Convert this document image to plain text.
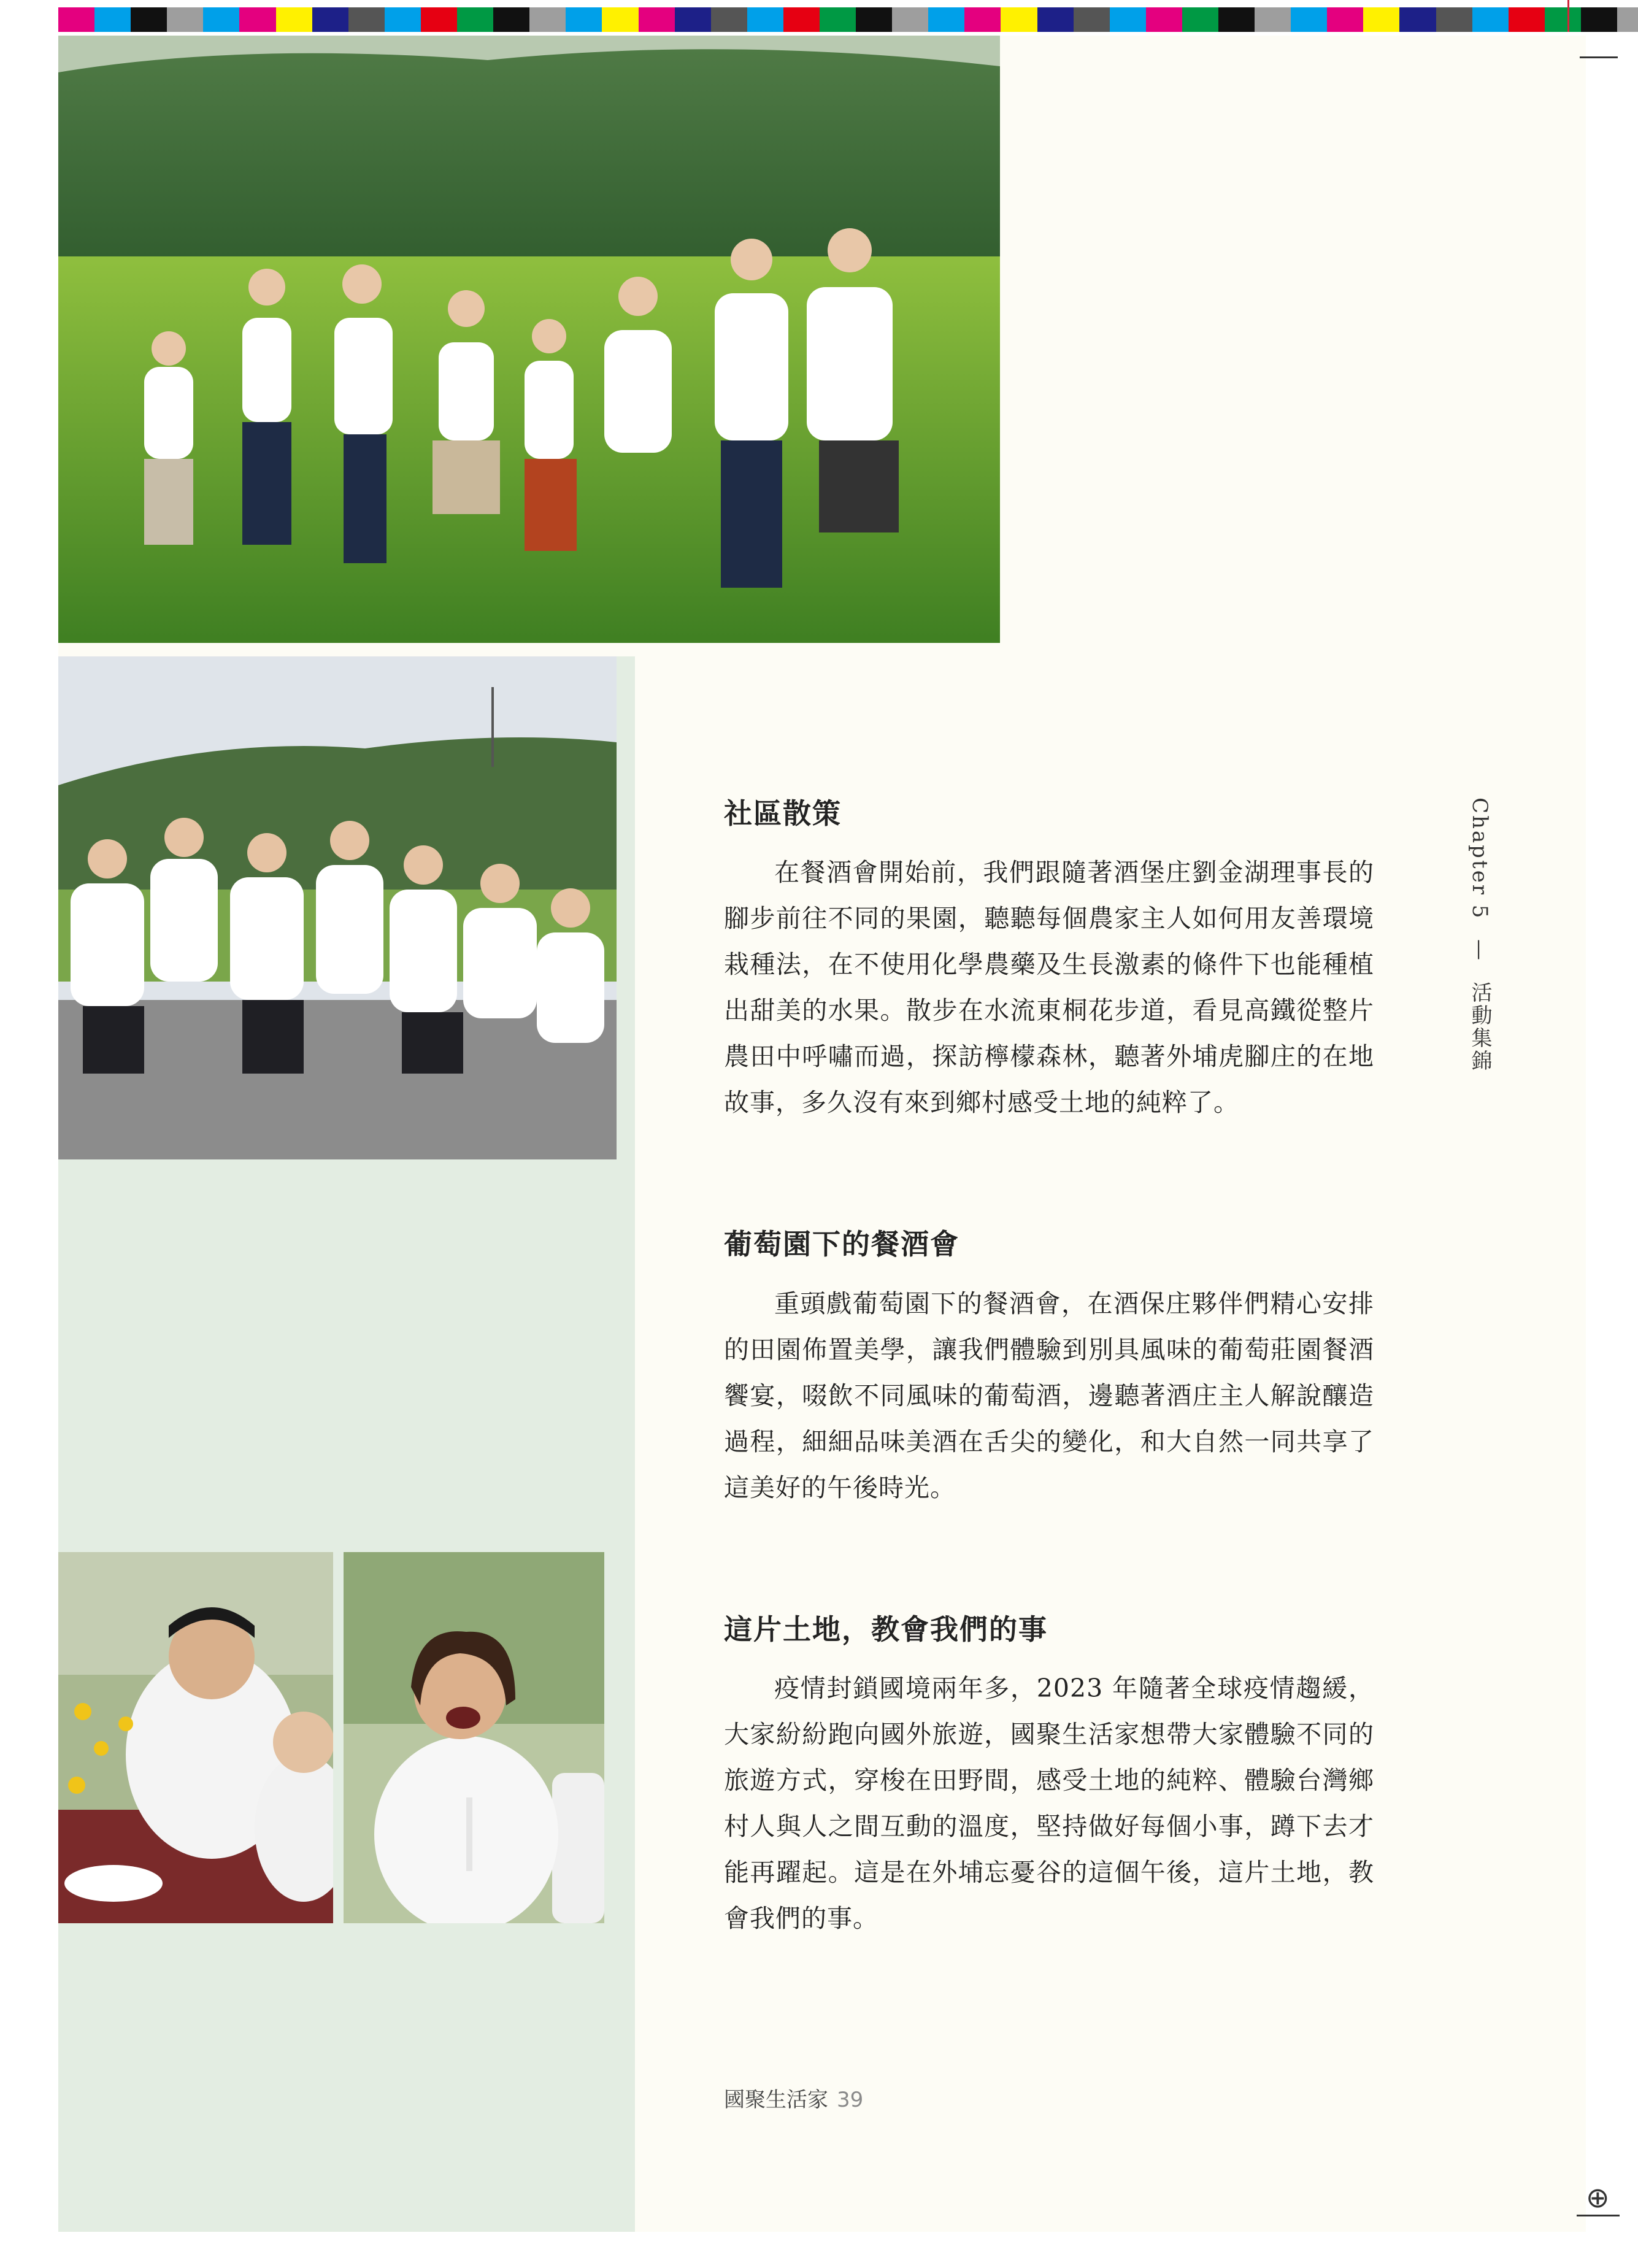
社區散策

在餐酒會開始前，我們跟隨著酒堡庄劉金湖理事長的腳步前往不同的果園，聽聽每個農家主人如何用友善環境栽種法，在不使用化學農藥及生長激素的條件下也能種植出甜美的水果。散步在水流東桐花步道，看見高鐵從整片農田中呼嘯而過，探訪檸檬森林，聽著外埔虎腳庄的在地故事，多久沒有來到鄉村感受土地的純粹了。

葡萄園下的餐酒會

重頭戲葡萄園下的餐酒會，在酒保庄夥伴們精心安排的田園佈置美學，讓我們體驗到別具風味的葡萄莊園餐酒饗宴，啜飲不同風味的葡萄酒，邊聽著酒庄主人解說釀造過程，細細品味美酒在舌尖的變化，和大自然一同共享了這美好的午後時光。

這片土地，教會我們的事

疫情封鎖國境兩年多，2023 年隨著全球疫情趨緩，大家紛紛跑向國外旅遊，國聚生活家想帶大家體驗不同的旅遊方式，穿梭在田野間，感受土地的純粹、體驗台灣鄉村人與人之間互動的溫度，堅持做好每個小事，蹲下去才能再躍起。這是在外埔忘憂谷的這個午後，這片土地，教會我們的事。

Chapter 5 — 活動集錦
國聚生活家 39
⊕
